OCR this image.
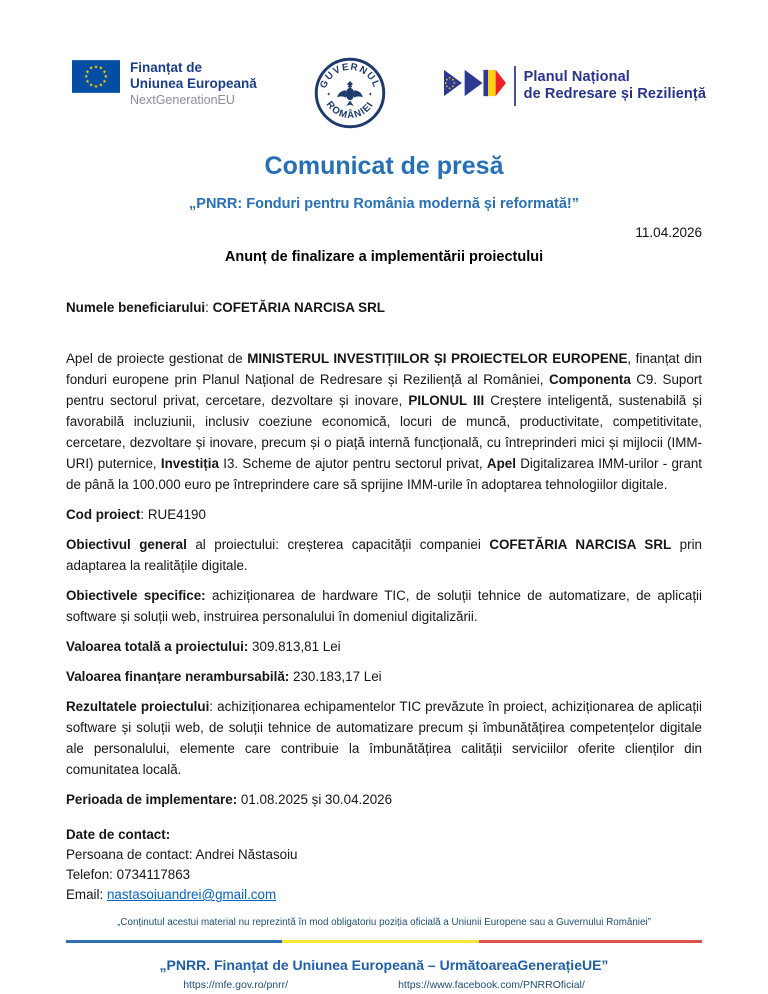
★ ★
★
★
★
★
★
★
★
★
★
★	Finanțat de
Uniunea Europeană
NextGenerationEU
GUVERNUL
ROMÂNIEI
✦	✦
Planul Național
de Redresare și Reziliență
Comunicat de presă
„PNRR: Fonduri pentru România modernă și reformată!”
11.04.2026
Anunț de finalizare a implementării proiectului

Numele beneficiarului: COFETĂRIA NARCISA SRL

Apel de proiecte gestionat de MINISTERUL INVESTIȚIILOR ȘI PROIECTELOR EUROPENE, finanțat din fonduri europene prin Planul Național de Redresare și Reziliență al României, Componenta C9. Suport pentru sectorul privat, cercetare, dezvoltare și inovare, PILONUL III Creștere inteligentă, sustenabilă și favorabilă incluziunii, inclusiv coeziune economică, locuri de muncă, productivitate, competitivitate, cercetare, dezvoltare și inovare, precum și o piață internă funcțională, cu întreprinderi mici și mijlocii (IMM-URI) puternice, Investiția I3. Scheme de ajutor pentru sectorul privat, Apel Digitalizarea IMM-urilor - grant de până la 100.000 euro pe întreprindere care să sprijine IMM-urile în adoptarea tehnologiilor digitale.

Cod proiect: RUE4190

Obiectivul general al proiectului: creșterea capacității companiei COFETĂRIA NARCISA SRL prin adaptarea la realitățile digitale.

Obiectivele specifice: achiziționarea de hardware TIC, de soluții tehnice de automatizare, de aplicații software și soluții web, instruirea personalului în domeniul digitalizării.

Valoarea totală a proiectului: 309.813,81 Lei

Valoarea finanțare nerambursabilă: 230.183,17 Lei

Rezultatele proiectului: achiziționarea echipamentelor TIC prevăzute în proiect, achiziționarea de aplicații software și soluții web, de soluții tehnice de automatizare precum și îmbunătățirea competențelor digitale ale personalului, elemente care contribuie la îmbunătățirea calității serviciilor oferite clienților din comunitatea locală.

Perioada de implementare: 01.08.2025 și 30.04.2026

Date de contact:

Persoana de contact: Andrei Năstasoiu

Telefon: 0734117863

Email: nastasoiuandrei@gmail.com

„Conținutul acestui material nu reprezintă în mod obligatoriu poziția oficială a Uniunii Europene sau a Guvernului României”
„PNRR. Finanțat de Uniunea Europeană – UrmătoareaGenerațieUE”
https://mfe.gov.ro/pnrr/	https://www.facebook.com/PNRROficial/
